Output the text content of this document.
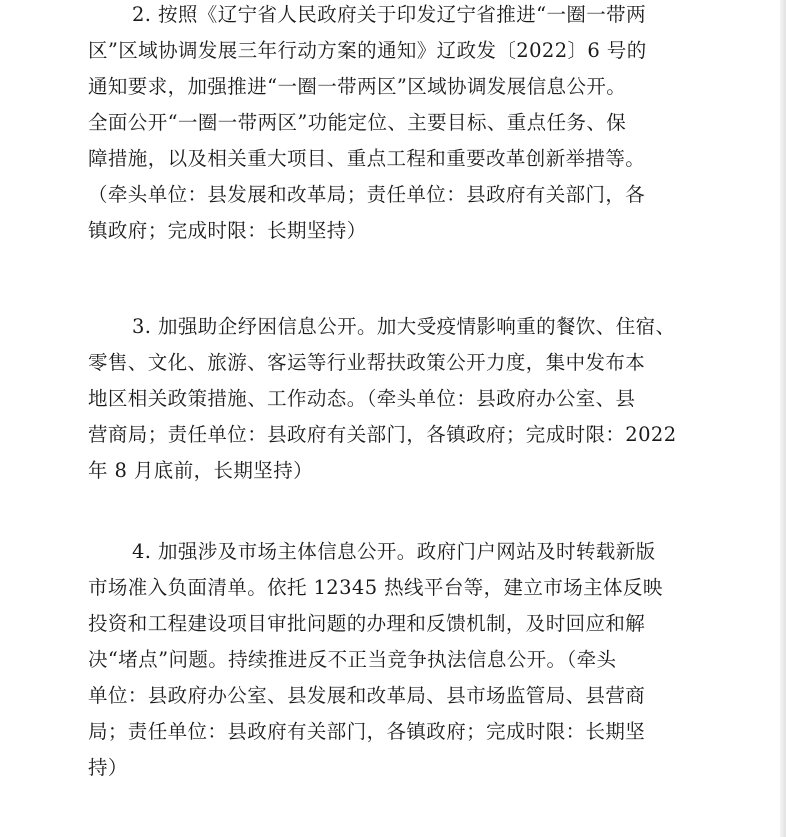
2. 按照《辽宁省人民政府关于印发辽宁省推进“一圈一带两
区”区域协调发展三年行动方案的通知》辽政发〔2022〕6 号的
通知要求，加强推进“一圈一带两区”区域协调发展信息公开。
全面公开“一圈一带两区”功能定位、主要目标、重点任务、保
障措施，以及相关重大项目、重点工程和重要改革创新举措等。
（牵头单位：县发展和改革局；责任单位：县政府有关部门，各
镇政府；完成时限：长期坚持）
3. 加强助企纾困信息公开。加大受疫情影响重的餐饮、住宿、
零售、文化、旅游、客运等行业帮扶政策公开力度，集中发布本
地区相关政策措施、工作动态。（牵头单位：县政府办公室、县
营商局；责任单位：县政府有关部门，各镇政府；完成时限：2022
年 8 月底前，长期坚持）
4. 加强涉及市场主体信息公开。政府门户网站及时转载新版
市场准入负面清单。依托 12345 热线平台等，建立市场主体反映
投资和工程建设项目审批问题的办理和反馈机制，及时回应和解
决“堵点”问题。持续推进反不正当竞争执法信息公开。（牵头
单位：县政府办公室、县发展和改革局、县市场监管局、县营商
局；责任单位：县政府有关部门，各镇政府；完成时限：长期坚
持）
